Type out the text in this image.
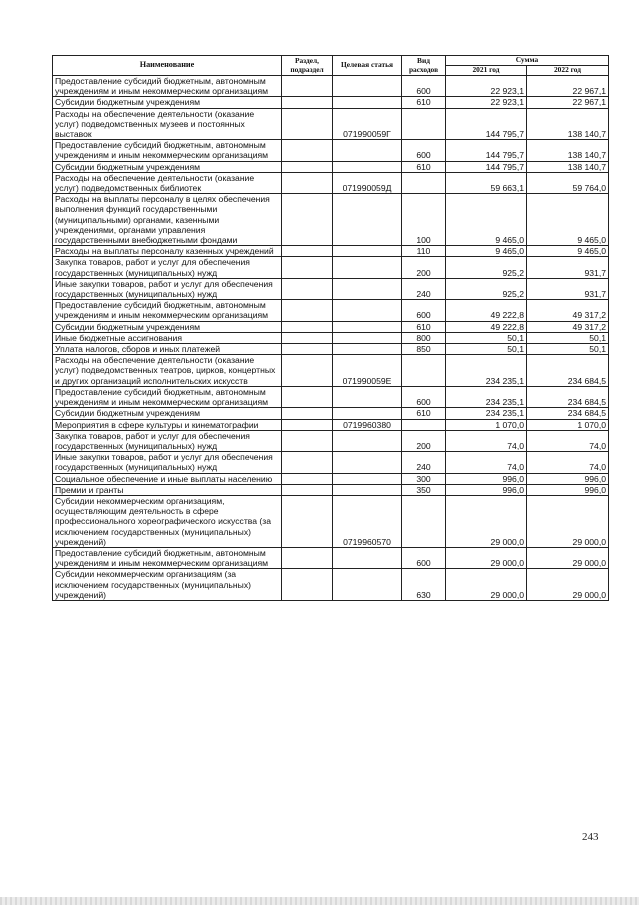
Наименование	Раздел, подраздел	Целевая статья	Вид расходов	Сумма	
				2021 год	2022 год
Предоставление субсидий бюджетным, автономным учреждениям и иным некоммерческим организациям			600	22 923,1	22 967,1
Субсидии бюджетным учреждениям			610	22 923,1	22 967,1
Расходы на обеспечение деятельности (оказание услуг) подведомственных музеев и постоянных выставок		071990059Г		144 795,7	138 140,7
Предоставление субсидий бюджетным, автономным учреждениям и иным некоммерческим организациям			600	144 795,7	138 140,7
Субсидии бюджетным учреждениям			610	144 795,7	138 140,7
Расходы на обеспечение деятельности (оказание услуг) подведомственных библиотек		071990059Д		59 663,1	59 764,0
Расходы на выплаты персоналу в целях обеспечения выполнения функций государственными (муниципальными) органами, казенными учреждениями, органами управления государственными внебюджетными фондами			100	9 465,0	9 465,0
Расходы на выплаты персоналу казенных учреждений			110	9 465,0	9 465,0
Закупка товаров, работ и услуг для обеспечения государственных (муниципальных) нужд			200	925,2	931,7
Иные закупки товаров, работ и услуг для обеспечения государственных (муниципальных) нужд			240	925,2	931,7
Предоставление субсидий бюджетным, автономным учреждениям и иным некоммерческим организациям			600	49 222,8	49 317,2
Субсидии бюджетным учреждениям			610	49 222,8	49 317,2
Иные бюджетные ассигнования			800	50,1	50,1
Уплата налогов, сборов и иных платежей			850	50,1	50,1
Расходы на обеспечение деятельности (оказание услуг) подведомственных театров, цирков, концертных и других организаций исполнительских искусств		071990059Е		234 235,1	234 684,5
Предоставление субсидий бюджетным, автономным учреждениям и иным некоммерческим организациям			600	234 235,1	234 684,5
Субсидии бюджетным учреждениям			610	234 235,1	234 684,5
Мероприятия в сфере культуры и кинематографии		0719960380		1 070,0	1 070,0
Закупка товаров, работ и услуг для обеспечения государственных (муниципальных) нужд			200	74,0	74,0
Иные закупки товаров, работ и услуг для обеспечения государственных (муниципальных) нужд			240	74,0	74,0
Социальное обеспечение и иные выплаты населению			300	996,0	996,0
Премии и гранты			350	996,0	996,0
Субсидии некоммерческим организациям, осуществляющим деятельность в сфере профессионального хореографического искусства (за исключением государственных (муниципальных) учреждений)		0719960570		29 000,0	29 000,0
Предоставление субсидий бюджетным, автономным учреждениям и иным некоммерческим организациям			600	29 000,0	29 000,0
Субсидии некоммерческим организациям (за исключением государственных (муниципальных) учреждений)			630	29 000,0	29 000,0
243
